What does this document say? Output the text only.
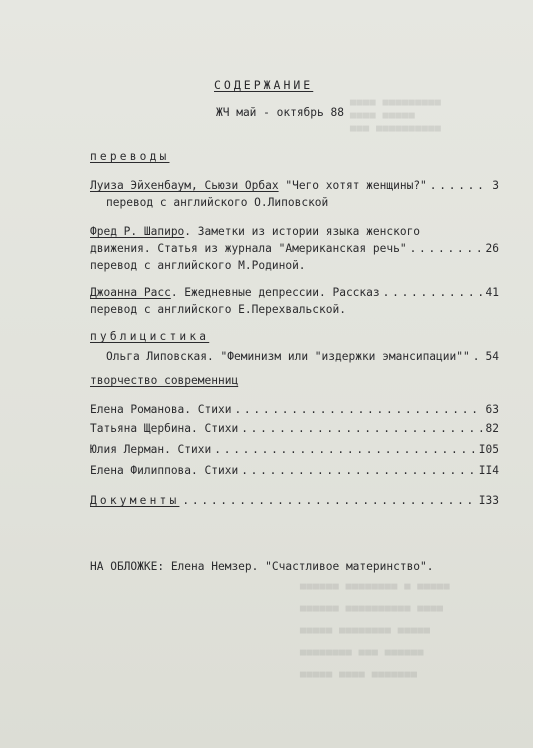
▀▀▀▀ ▀▀▀▀▀▀▀▀▀
▀▀▀▀ ▀▀▀▀▀
▀▀▀ ▀▀▀▀▀▀▀▀▀▀
▀▀▀▀▀▀ ▀▀▀▀▀▀▀▀ ▀ ▀▀▀▀▀
▀▀▀▀▀▀ ▀▀▀▀▀▀▀▀▀▀ ▀▀▀▀
▀▀▀▀▀ ▀▀▀▀▀▀▀▀ ▀▀▀▀▀
▀▀▀▀▀▀▀▀ ▀▀▀ ▀▀▀▀▀▀
▀▀▀▀▀ ▀▀▀▀ ▀▀▀▀▀▀▀
СОДЕРЖАНИЕ
ЖЧ май - октябрь 88
переводы
Луиза Эйхенбаум, Сьюзи Орбах "Чего хотят женщины?" . . .	3
перевод с английского О.Липовской
Фред Р. Шапиро. Заметки из истории языка женского
движения. Статья из журнала "Американская речь" . . .	26
перевод с английского М.Родиной.
Джоанна Расс. Ежедневные депрессии. Рассказ . . .	41
перевод с английского Е.Перехвальской.
публицистика
Ольга Липовская. "Феминизм или "издержки эмансипации"" . . . 54
творчество современниц
Елена Романова. Стихи . . .	63
Татьяна Щербина. Стихи . . .	82
Юлия Лерман. Стихи . . .	I05
Елена Филиппова. Стихи . . .	II4
Документы . . .	I33
НА ОБЛОЖКЕ: Елена Немзер. "Счастливое материнство".
